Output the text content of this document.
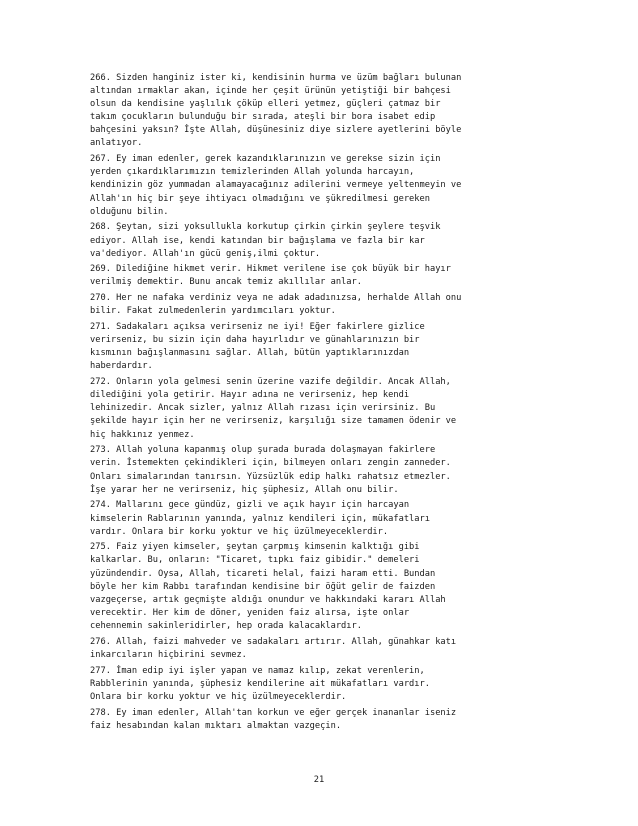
266. Sizden hanginiz ister ki, kendisinin hurma ve üzüm bağları bulunan
altından ırmaklar akan, içinde her çeşit ürünün yetiştiği bir bahçesi
olsun da kendisine yaşlılık çöküp elleri yetmez, güçleri çatmaz bir
takım çocukların bulunduğu bir sırada, ateşli bir bora isabet edip
bahçesini yaksın? İşte Allah, düşünesiniz diye sizlere ayetlerini böyle
anlatıyor.

267. Ey iman edenler, gerek kazandıklarınızın ve gerekse sizin için
yerden çıkardıklarımızın temizlerinden Allah yolunda harcayın,
kendinizin göz yummadan alamayacağınız adilerini vermeye yeltenmeyin ve
Allah'ın hiç bir şeye ihtiyacı olmadığını ve şükredilmesi gereken
olduğunu bilin.

268. Şeytan, sizi yoksullukla korkutup çirkin çirkin şeylere teşvik
ediyor. Allah ise, kendi katından bir bağışlama ve fazla bir kar
va'dediyor. Allah'ın gücü geniş,ilmi çoktur.

269. Dilediğine hikmet verir. Hikmet verilene ise çok büyük bir hayır
verilmiş demektir. Bunu ancak temiz akıllılar anlar.

270. Her ne nafaka verdiniz veya ne adak adadınızsa, herhalde Allah onu
bilir. Fakat zulmedenlerin yardımcıları yoktur.

271. Sadakaları açıksa verirseniz ne iyi! Eğer fakirlere gizlice
verirseniz, bu sizin için daha hayırlıdır ve günahlarınızın bir
kısmının bağışlanmasını sağlar. Allah, bütün yaptıklarınızdan
haberdardır.

272. Onların yola gelmesi senin üzerine vazife değildir. Ancak Allah,
dilediğini yola getirir. Hayır adına ne verirseniz, hep kendi
lehinizedir. Ancak sizler, yalnız Allah rızası için verirsiniz. Bu
şekilde hayır için her ne verirseniz, karşılığı size tamamen ödenir ve
hiç hakkınız yenmez.

273. Allah yoluna kapanmış olup şurada burada dolaşmayan fakirlere
verin. İstemekten çekindikleri için, bilmeyen onları zengin zanneder.
Onları simalarından tanırsın. Yüzsüzlük edip halkı rahatsız etmezler.
İşe yarar her ne verirseniz, hiç şüphesiz, Allah onu bilir.

274. Mallarını gece gündüz, gizli ve açık hayır için harcayan
kimselerin Rablarının yanında, yalnız kendileri için, mükafatları
vardır. Onlara bir korku yoktur ve hiç üzülmeyeceklerdir.

275. Faiz yiyen kimseler, şeytan çarpmış kimsenin kalktığı gibi
kalkarlar. Bu, onların: "Ticaret, tıpkı faiz gibidir." demeleri
yüzündendir. Oysa, Allah, ticareti helal, faizi haram etti. Bundan
böyle her kim Rabbı tarafından kendisine bir öğüt gelir de faizden
vazgeçerse, artık geçmişte aldığı onundur ve hakkındaki kararı Allah
verecektir. Her kim de döner, yeniden faiz alırsa, işte onlar
cehennemin sakinleridirler, hep orada kalacaklardır.

276. Allah, faizi mahveder ve sadakaları artırır. Allah, günahkar katı
inkarcıların hiçbirini sevmez.

277. İman edip iyi işler yapan ve namaz kılıp, zekat verenlerin,
Rabblerinin yanında, şüphesiz kendilerine ait mükafatları vardır.
Onlara bir korku yoktur ve hiç üzülmeyeceklerdir.

278. Ey iman edenler, Allah'tan korkun ve eğer gerçek inananlar iseniz
faiz hesabından kalan mıktarı almaktan vazgeçin.

21
